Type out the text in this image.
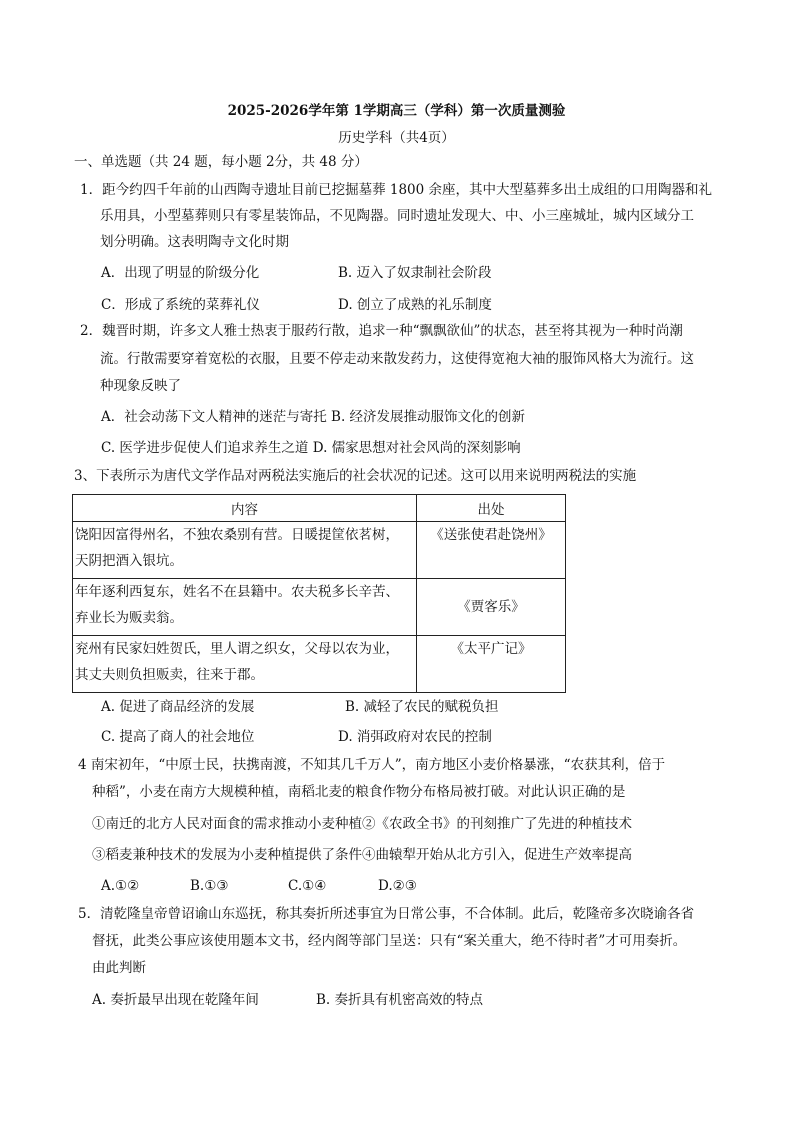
2025-2026学年第 1学期高三（学科）第一次质量测验
历史学科（共4页）
一、单选题（共 24 题，每小题 2分，共 48 分）
1．距今约四千年前的山西陶寺遗址目前已挖掘墓葬 1800 余座，其中大型墓葬多出土成组的口用陶器和礼
乐用具，小型墓葬则只有零星装饰品，不见陶器。同时遗址发现大、中、小三座城址，城内区域分工
划分明确。这表明陶寺文化时期
A．出现了明显的阶级分化	B. 迈入了奴隶制社会阶段
C．形成了系统的菜葬礼仪	D. 创立了成熟的礼乐制度
2．魏晋时期，许多文人雅士热衷于服药行散，追求一种“飘飘欲仙”的状态，甚至将其视为一种时尚潮
流。行散需要穿着宽松的衣服，且要不停走动来散发药力，这使得宽袍大袖的服饰风格大为流行。这
种现象反映了
A．社会动荡下文人精神的迷茫与寄托 B. 经济发展推动服饰文化的创新
C. 医学进步促使人们追求养生之道 D. 儒家思想对社会风尚的深刻影响
3、下表所示为唐代文学作品对两税法实施后的社会状况的记述。这可以用来说明两税法的实施
内容	出处

饶阳因富得州名，不独农桑别有营。日暖提筐依茗树，
天阴把酒入银坑。	《送张使君赴饶州》

年年逐利西复东，姓名不在县籍中。农夫税多长辛苦、
弃业长为贩卖翁。	《贾客乐》

兖州有民家妇姓贺氏，里人谓之织女，父母以农为业，
其丈夫则负担贩卖，往来于郡。	《太平广记》
A. 促进了商品经济的发展	B. 减轻了农民的赋税负担
C. 提高了商人的社会地位	D. 消弭政府对农民的控制
4 南宋初年，“中原士民，扶携南渡，不知其几千万人”，南方地区小麦价格暴涨，“农获其利，倍于
种稻”，小麦在南方大规模种植，南稻北麦的粮食作物分布格局被打破。对此认识正确的是
①南迁的北方人民对面食的需求推动小麦种植②《农政全书》的刊刻推广了先进的种植技术
③稻麦兼种技术的发展为小麦种植提供了条件④曲辕犁开始从北方引入，促进生产效率提高
A.①②	B.①③	C.①④	D.②③
5．清乾隆皇帝曾诏谕山东巡抚，称其奏折所述事宜为日常公事，不合体制。此后，乾隆帝多次晓谕各省
督抚，此类公事应该使用题本文书，经内阁等部门呈送：只有“案关重大，绝不待时者”才可用奏折。
由此判断
A. 奏折最早出现在乾隆年间	B. 奏折具有机密高效的特点
